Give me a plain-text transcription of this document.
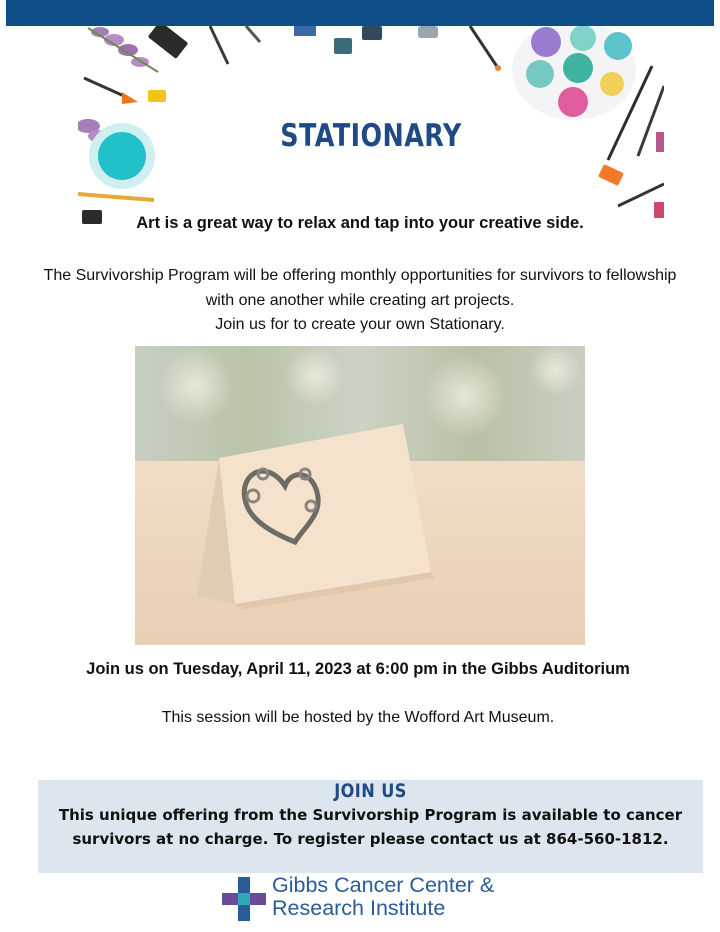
STATIONARY
Art is a great way to relax and tap into your creative side.
The Survivorship Program will be offering monthly opportunities for survivors to fellowship
with one another while creating art projects.
Join us for to create your own Stationary.
Join us on Tuesday, April 11, 2023 at 6:00 pm in the Gibbs Auditorium
This session will be hosted by the Wofford Art Museum.
JOIN US
This unique offering from the Survivorship Program is available to cancer
survivors at no charge. To register please contact us at 864-560-1812.
Gibbs Cancer Center &
Research Institute
